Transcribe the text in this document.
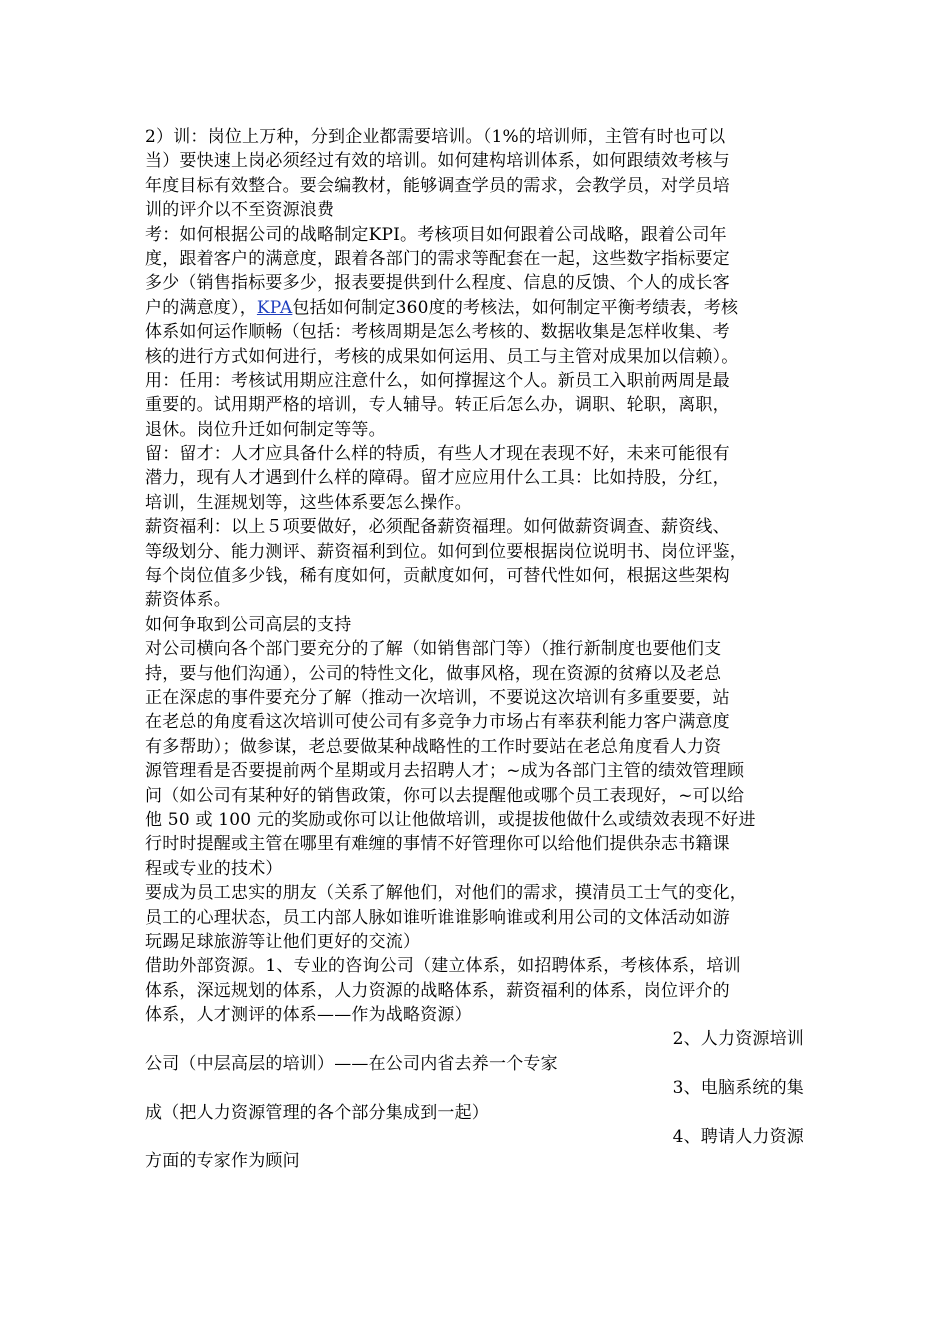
2）训：岗位上万种，分到企业都需要培训。（1%的培训师，主管有时也可以
当）要快速上岗必须经过有效的培训。如何建构培训体系，如何跟绩效考核与
年度目标有效整合。要会编教材，能够调查学员的需求，会教学员，对学员培
训的评介以不至资源浪费
考：如何根据公司的战略制定KPI。考核项目如何跟着公司战略，跟着公司年
度，跟着客户的满意度，跟着各部门的需求等配套在一起，这些数字指标要定
多少（销售指标要多少，报表要提供到什么程度、信息的反馈、个人的成长客
户的满意度），KPA包括如何制定360度的考核法，如何制定平衡考绩表，考核
体系如何运作顺畅（包括：考核周期是怎么考核的、数据收集是怎样收集、考
核的进行方式如何进行，考核的成果如何运用、员工与主管对成果加以信赖）。
用：任用：考核试用期应注意什么，如何撑握这个人。新员工入职前两周是最
重要的。试用期严格的培训，专人辅导。转正后怎么办，调职、轮职，离职，
退休。岗位升迁如何制定等等。
留：留才：人才应具备什么样的特质，有些人才现在表现不好，未来可能很有
潜力，现有人才遇到什么样的障碍。留才应应用什么工具：比如持股，分红，
培训，生涯规划等，这些体系要怎么操作。
薪资福利：以上５项要做好，必须配备薪资福理。如何做薪资调查、薪资线、
等级划分、能力测评、薪资福利到位。如何到位要根据岗位说明书、岗位评鉴，
每个岗位值多少钱，稀有度如何，贡献度如何，可替代性如何，根据这些架构
薪资体系。
如何争取到公司高层的支持
对公司横向各个部门要充分的了解（如销售部门等）（推行新制度也要他们支
持，要与他们沟通），公司的特性文化，做事风格，现在资源的贫瘠以及老总
正在深虑的事件要充分了解（推动一次培训，不要说这次培训有多重要要，站
在老总的角度看这次培训可使公司有多竞争力市场占有率获利能力客户满意度
有多帮助）；做参谋，老总要做某种战略性的工作时要站在老总角度看人力资
源管理看是否要提前两个星期或月去招聘人才；~成为各部门主管的绩效管理顾
问（如公司有某种好的销售政策，你可以去提醒他或哪个员工表现好，~可以给
他 50 或 100 元的奖励或你可以让他做培训，或提拔他做什么或绩效表现不好进
行时时提醒或主管在哪里有难缠的事情不好管理你可以给他们提供杂志书籍课
程或专业的技术）
要成为员工忠实的朋友（关系了解他们，对他们的需求，摸清员工士气的变化，
员工的心理状态，员工内部人脉如谁听谁谁影响谁或利用公司的文体活动如游
玩踢足球旅游等让他们更好的交流）
借助外部资源。1、专业的咨询公司（建立体系，如招聘体系，考核体系，培训
体系，深远规划的体系，人力资源的战略体系，薪资福利的体系，岗位评介的
体系，人才测评的体系——作为战略资源）
2、人力资源培训
公司（中层高层的培训）——在公司内省去养一个专家
3、电脑系统的集
成（把人力资源管理的各个部分集成到一起）
4、聘请人力资源
方面的专家作为顾问
